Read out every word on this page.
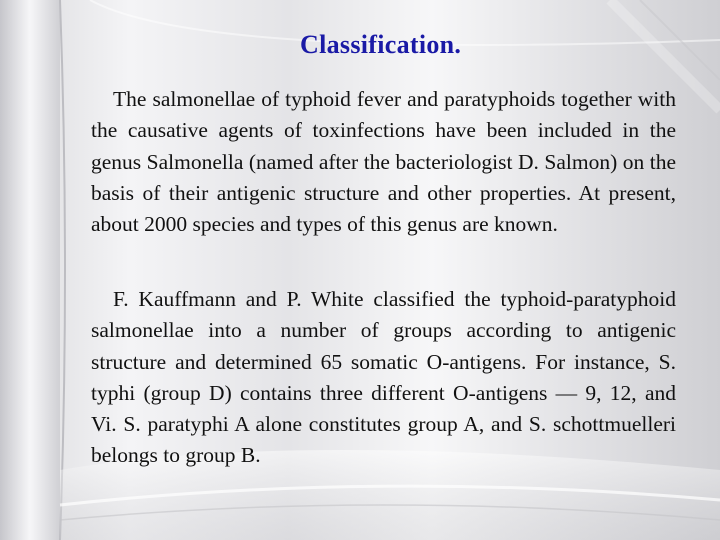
Classification.

The salmonellae of typhoid fever and paratyphoids together with the causative agents of toxinfections have been included in the genus Salmonella (named after the bacteriologist D. Salmon) on the basis of their antigenic structure and other properties. At present, about 2000 species and types of this genus are known.

F. Kauffmann and P. White classified the typhoid-paratyphoid salmonellae into a number of groups according to antigenic structure and determined 65 somatic O-antigens. For instance, S. typhi (group D) contains three different O-antigens — 9, 12, and Vi. S. paratyphi A alone constitutes group A, and S. schottmuelleri belongs to group B.
